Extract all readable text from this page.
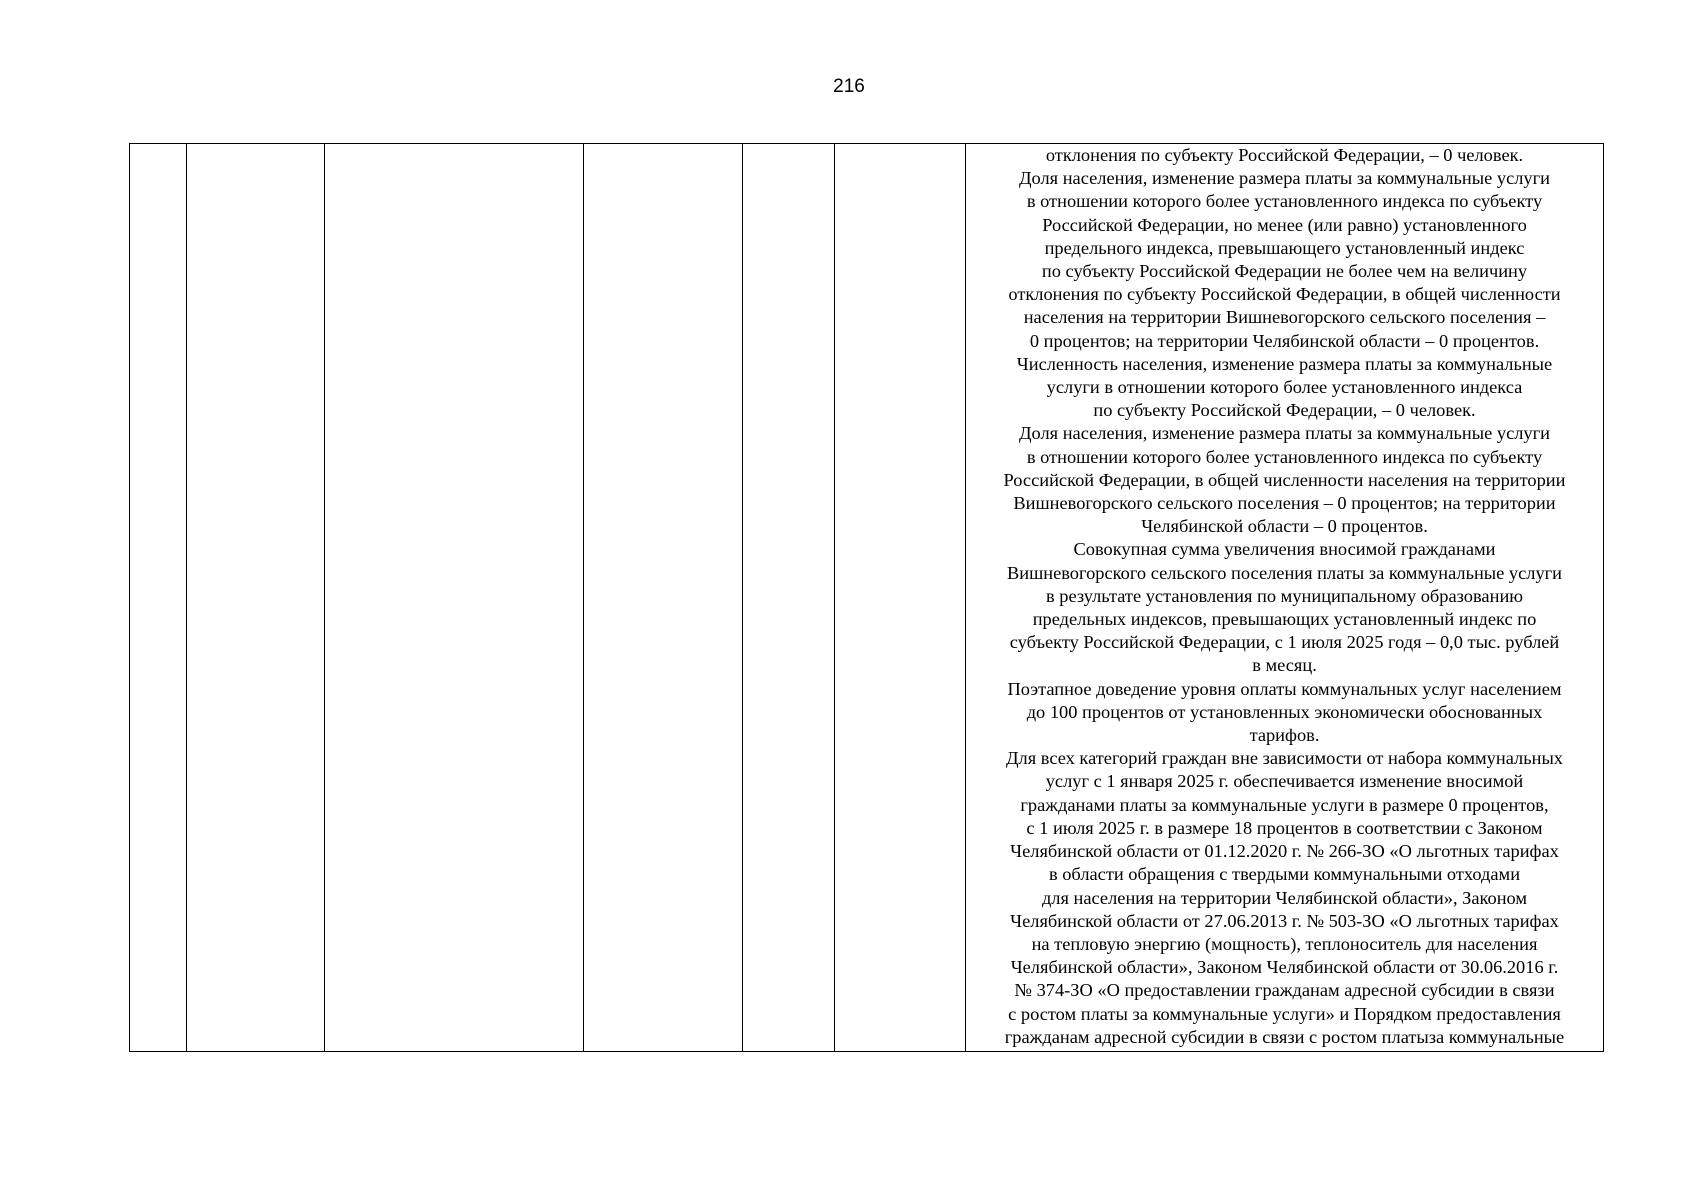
216

отклонения по субъекту Российской Федерации, – 0 человек.
Доля населения, изменение размера платы за коммунальные услуги
в отношении которого более установленного индекса по субъекту
Российской Федерации, но менее (или равно) установленного
предельного индекса, превышающего установленный индекс
по субъекту Российской Федерации не более чем на величину
отклонения по субъекту Российской Федерации, в общей численности
населения на территории Вишневогорского сельского поселения –
0 процентов; на территории Челябинской области – 0 процентов.
Численность населения, изменение размера платы за коммунальные
услуги в отношении которого более установленного индекса
по субъекту Российской Федерации, – 0 человек.
Доля населения, изменение размера платы за коммунальные услуги
в отношении которого более установленного индекса по субъекту
Российской Федерации, в общей численности населения на территории
Вишневогорского сельского поселения – 0 процентов; на территории
Челябинской области – 0 процентов.
Совокупная сумма увеличения вносимой гражданами
Вишневогорского сельского поселения платы за коммунальные услуги
в результате установления по муниципальному образованию
предельных индексов, превышающих установленный индекс по
субъекту Российской Федерации, с 1 июля 2025 годя – 0,0 тыс. рублей
в месяц.
Поэтапное доведение уровня оплаты коммунальных услуг населением
до 100 процентов от установленных экономически обоснованных
тарифов.
Для всех категорий граждан вне зависимости от набора коммунальных
услуг с 1 января 2025 г. обеспечивается изменение вносимой
гражданами платы за коммунальные услуги в размере 0 процентов,
с 1 июля 2025 г. в размере 18 процентов в соответствии с Законом
Челябинской области от 01.12.2020 г. № 266-ЗО «О льготных тарифах
в области обращения с твердыми коммунальными отходами
для населения на территории Челябинской области», Законом
Челябинской области от 27.06.2013 г. № 503-ЗО «О льготных тарифах
на тепловую энергию (мощность), теплоноситель для населения
Челябинской области», Законом Челябинской области от 30.06.2016 г.
№ 374-ЗО «О предоставлении гражданам адресной субсидии в связи
с ростом платы за коммунальные услуги» и Порядком предоставления
гражданам адресной субсидии в связи с ростом платыза коммунальные
